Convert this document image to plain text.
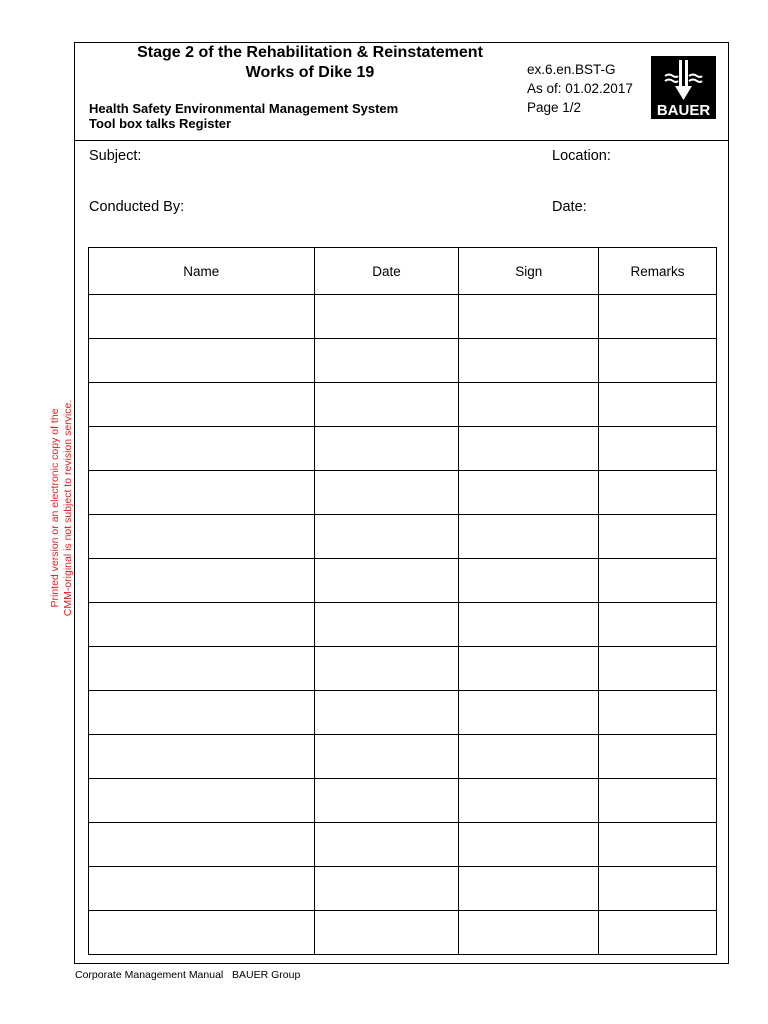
Stage 2 of the Rehabilitation & Reinstatement
Works of Dike 19
Health Safety Environmental Management System
Tool box talks Register
ex.6.en.BST-G
As of: 01.02.2017
Page 1/2	BAUER
Subject:	Location:
Conducted By:	Date:
Name	Date	Sign	Remarks

Printed version or an electronic copy of the CMM-original is not subject to revision service.
Corporate Management Manual   BAUER Group
